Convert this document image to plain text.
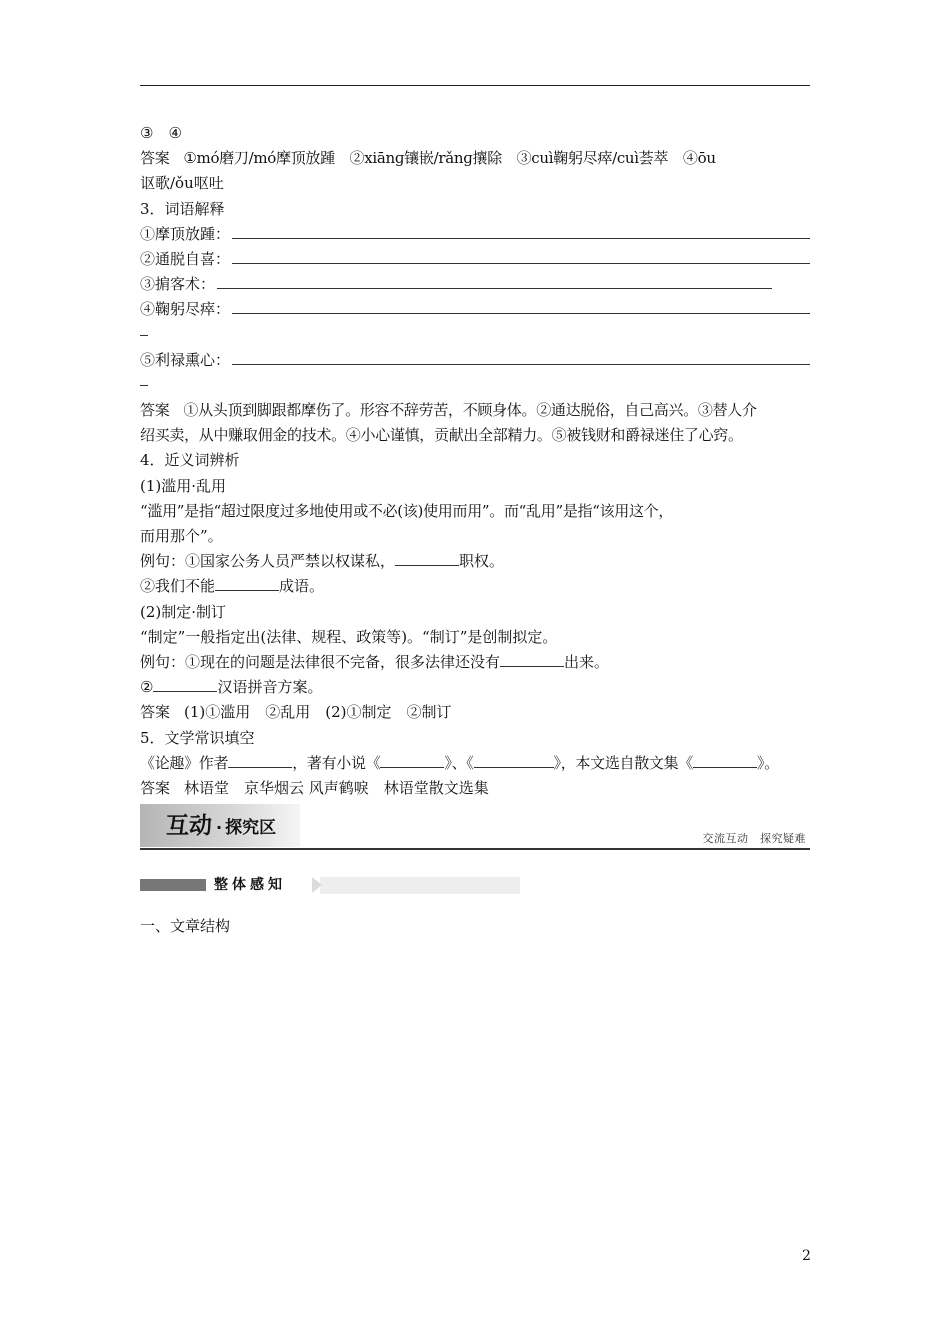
③　④
答案 ①mó磨刀/mó摩顶放踵　②xiānɡ镶嵌/rǎnɡ攘除　③cuì鞠躬尽瘁/cuì荟萃　④ōu
讴歌/ǒu呕吐
3．词语解释
①摩顶放踵：
②通脱自喜：
③掮客术：
④鞠躬尽瘁：
⑤利禄熏心：
答案 ①从头顶到脚跟都摩伤了。形容不辞劳苦，不顾身体。②通达脱俗，自己高兴。③替人介
绍买卖，从中赚取佣金的技术。④小心谨慎，贡献出全部精力。⑤被钱财和爵禄迷住了心窍。
4．近义词辨析
(1)滥用·乱用
“滥用”是指“超过限度过多地使用或不必(该)使用而用”。而“乱用”是指“该用这个，
而用那个”。
例句：①国家公务人员严禁以权谋私，	职权。
②我们不能	成语。
(2)制定·制订
“制定”一般指定出(法律、规程、政策等)。“制订”是创制拟定。
例句：①现在的问题是法律很不完备，很多法律还没有	出来。
②	汉语拼音方案。
答案 (1)①滥用　②乱用　(2)①制定　②制订
5．文学常识填空
《论趣》作者	，著有小说《	》、《	》，本文选自散文集《	》。
答案 林语堂　京华烟云 风声鹤唳　林语堂散文选集
互动 · 探究区
交流互动　探究疑难
整体感知
一、文章结构
2
